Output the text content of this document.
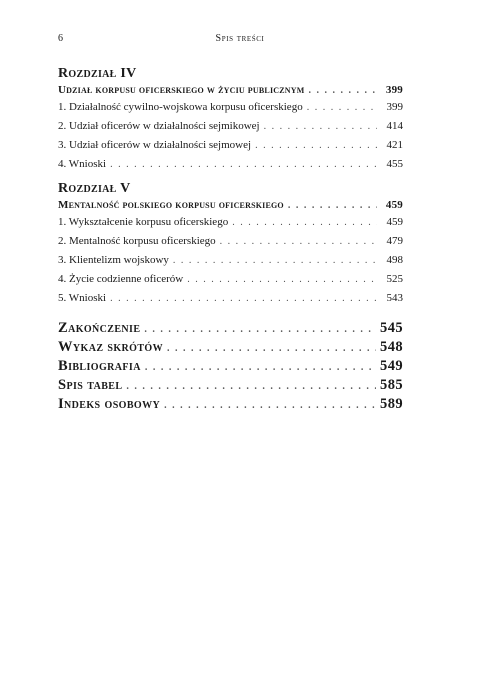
6	Spis treści
Rozdział IV
Udział korpusu oficerskiego w życiu publicznym . . .	399
1. Działalność cywilno-wojskowa korpusu oficerskiego . . .	399
2. Udział oficerów w działalności sejmikowej . . .	414
3. Udział oficerów w działalności sejmowej . . .	421
4. Wnioski . . .	455
Rozdział V
Mentalność polskiego korpusu oficerskiego . . .	459
1. Wykształcenie korpusu oficerskiego . . .	459
2. Mentalność korpusu oficerskiego . . .	479
3. Klientelizm wojskowy . . .	498
4. Życie codzienne oficerów . . .	525
5. Wnioski . . .	543
Zakończenie . . .	545
Wykaz skrótów . . .	548
Bibliografia . . .	549
Spis tabel . . .	585
Indeks osobowy . . .	589
